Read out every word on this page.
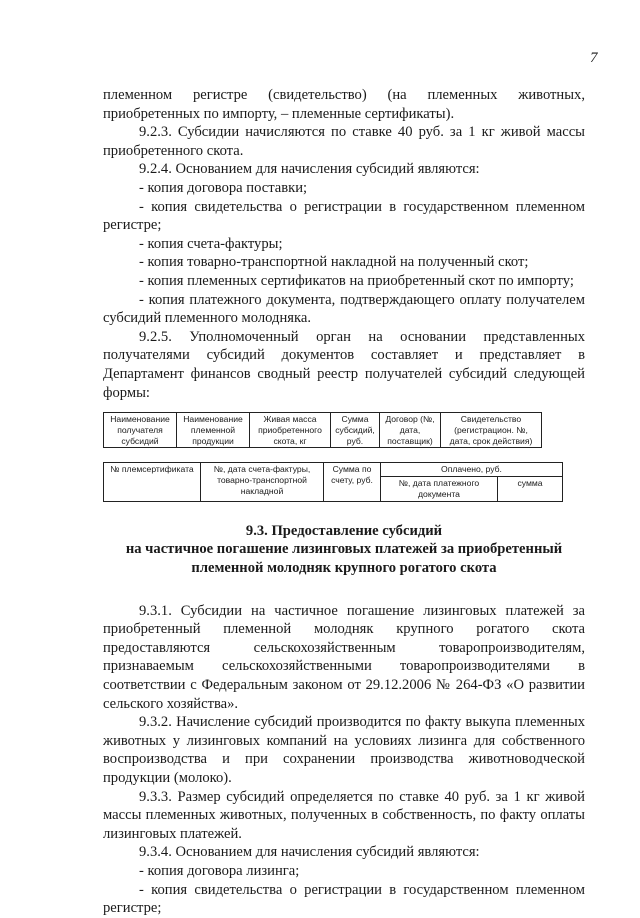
7

племенном регистре (свидетельство) (на племенных животных, приобретенных по импорту, – племенные сертификаты).

9.2.3. Субсидии начисляются по ставке 40 руб. за 1 кг живой массы приобретенного скота.

9.2.4. Основанием для начисления субсидий являются:

- копия договора поставки;

- копия свидетельства о регистрации в государственном племенном регистре;

- копия счета-фактуры;

- копия товарно-транспортной накладной на полученный скот;

- копия племенных сертификатов на приобретенный скот по импорту;

- копия платежного документа, подтверждающего оплату получателем субсидий племенного молодняка.

9.2.5. Уполномоченный орган на основании представленных получателями субсидий документов составляет и представляет в Департамент финансов сводный реестр получателей субсидий следующей формы:

Наименование получателя субсидий	Наименование племенной продукции	Живая масса приобретенного скота, кг	Сумма субсидий, руб.	Договор (№, дата, поставщик)	Свидетельство (регистрацион. №, дата, срок действия)
№ племсертификата	№, дата счета-фактуры, товарно-транспортной накладной	Сумма по счету, руб.	Оплачено, руб.	
			№, дата платежного документа	сумма
9.3. Предоставление субсидий
на частичное погашение лизинговых платежей за приобретенный
племенной молодняк крупного рогатого скота

9.3.1. Субсидии на частичное погашение лизинговых платежей за приобретенный племенной молодняк крупного рогатого скота предоставляются сельскохозяйственным товаропроизводителям, признаваемым сельскохозяйственными товаропроизводителями в соответствии с Федеральным законом от 29.12.2006 № 264-ФЗ «О развитии сельского хозяйства».

9.3.2. Начисление субсидий производится по факту выкупа племенных животных у лизинговых компаний на условиях лизинга для собственного воспроизводства и при сохранении производства животноводческой продукции (молоко).

9.3.3. Размер субсидий определяется по ставке 40 руб. за 1 кг живой массы племенных животных, полученных в собственность, по факту оплаты лизинговых платежей.

9.3.4. Основанием для начисления субсидий являются:

- копия договора лизинга;

- копия свидетельства о регистрации в государственном племенном регистре;
